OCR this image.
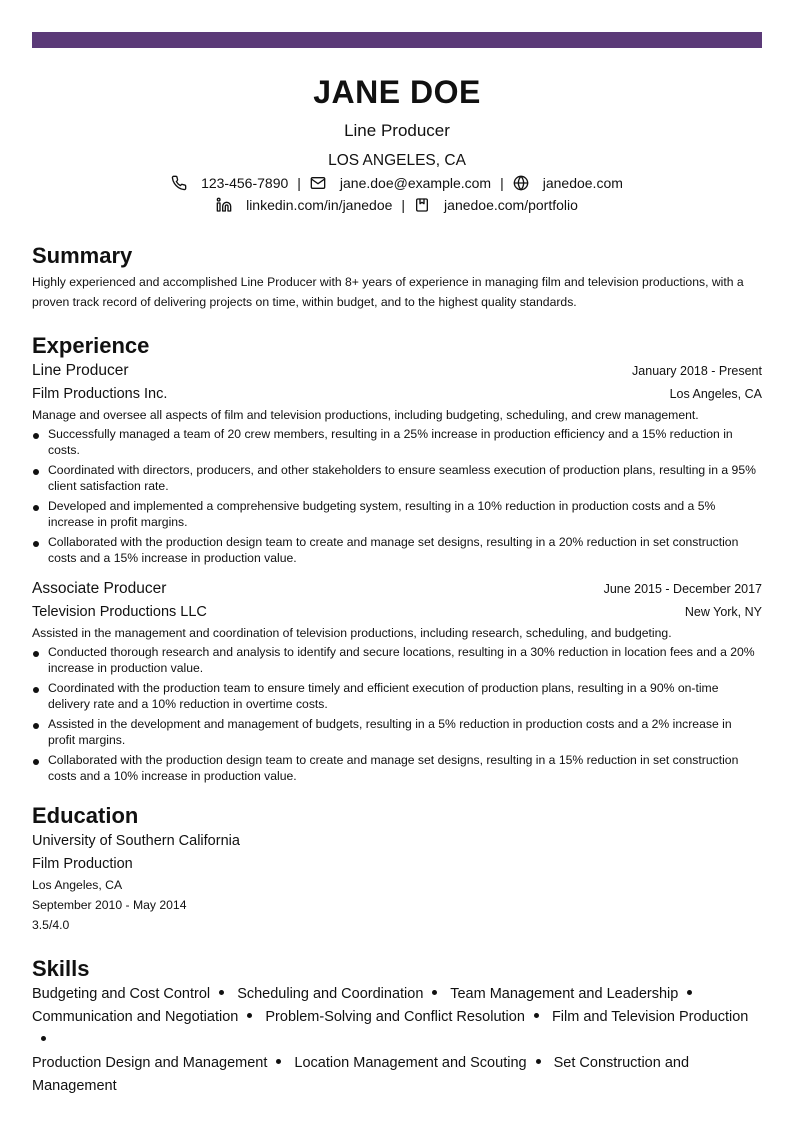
JANE DOE
Line Producer
LOS ANGELES, CA
123-456-7890 |	jane.doe@example.com |	janedoe.com
linkedin.com/in/janedoe |	janedoe.com/portfolio
Summary
Highly experienced and accomplished Line Producer with 8+ years of experience in managing film and television productions, with a proven track record of delivering projects on time, within budget, and to the highest quality standards.
Experience
Line Producer	January 2018 - Present
Film Productions Inc.	Los Angeles, CA
Manage and oversee all aspects of film and television productions, including budgeting, scheduling, and crew management.
Successfully managed a team of 20 crew members, resulting in a 25% increase in production efficiency and a 15% reduction in costs.
Coordinated with directors, producers, and other stakeholders to ensure seamless execution of production plans, resulting in a 95% client satisfaction rate.
Developed and implemented a comprehensive budgeting system, resulting in a 10% reduction in production costs and a 5% increase in profit margins.
Collaborated with the production design team to create and manage set designs, resulting in a 20% reduction in set construction costs and a 15% increase in production value.
Associate Producer	June 2015 - December 2017
Television Productions LLC	New York, NY
Assisted in the management and coordination of television productions, including research, scheduling, and budgeting.
Conducted thorough research and analysis to identify and secure locations, resulting in a 30% reduction in location fees and a 20% increase in production value.
Coordinated with the production team to ensure timely and efficient execution of production plans, resulting in a 90% on-time delivery rate and a 10% reduction in overtime costs.
Assisted in the development and management of budgets, resulting in a 5% reduction in production costs and a 2% increase in profit margins.
Collaborated with the production design team to create and manage set designs, resulting in a 15% reduction in set construction costs and a 10% increase in production value.
Education
University of Southern California
Film Production
Los Angeles, CA
September 2010 - May 2014
3.5/4.0
Skills
Budgeting and Cost Control Scheduling and Coordination Team Management and Leadership
Communication and Negotiation Problem-Solving and Conflict Resolution Film and Television Production
Production Design and Management Location Management and Scouting Set Construction and Management
